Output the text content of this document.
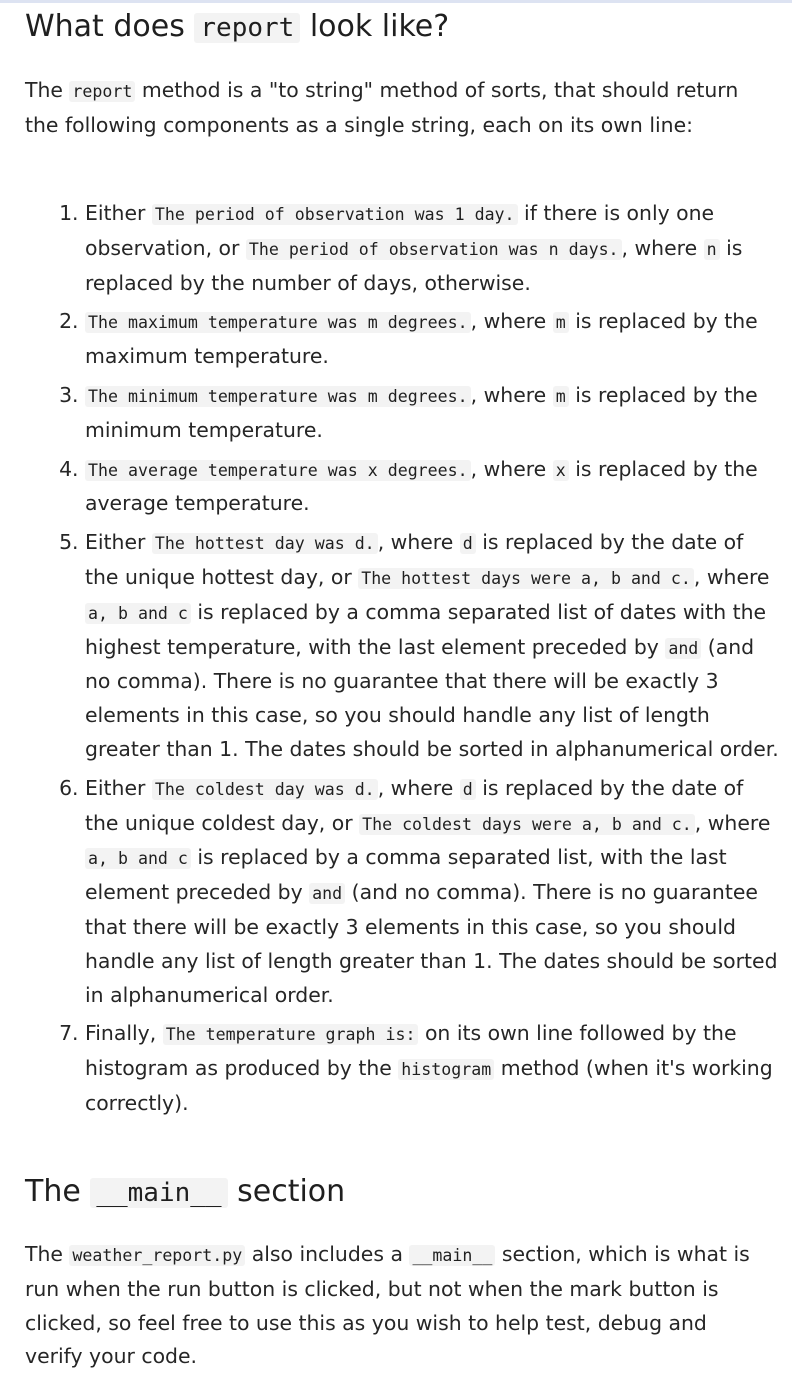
What does report look like?

The report method is a "to string" method of sorts, that should return the following components as a single string, each on its own line:

1. Either The period of observation was 1 day. if there is only one observation, or The period of observation was n days. , where n is replaced by the number of days, otherwise.
2. The maximum temperature was m degrees. , where m is replaced by the maximum temperature.
3. The minimum temperature was m degrees. , where m is replaced by the minimum temperature.
4. The average temperature was x degrees. , where x is replaced by the average temperature.
5. Either The hottest day was d. , where d is replaced by the date of the unique hottest day, or The hottest days were a, b and c. , where a, b and c is replaced by a comma separated list of dates with the highest temperature, with the last element preceded by and (and no comma). There is no guarantee that there will be exactly 3 elements in this case, so you should handle any list of length greater than 1. The dates should be sorted in alphanumerical order.
6. Either The coldest day was d. , where d is replaced by the date of the unique coldest day, or The coldest days were a, b and c. , where a, b and c is replaced by a comma separated list, with the last element preceded by and (and no comma). There is no guarantee that there will be exactly 3 elements in this case, so you should handle any list of length greater than 1. The dates should be sorted in alphanumerical order.
7. Finally, The temperature graph is: on its own line followed by the histogram as produced by the histogram method (when it's working correctly).
The __main__ section

The weather_report.py also includes a __main__ section, which is what is run when the run button is clicked, but not when the mark button is clicked, so feel free to use this as you wish to help test, debug and verify your code.
